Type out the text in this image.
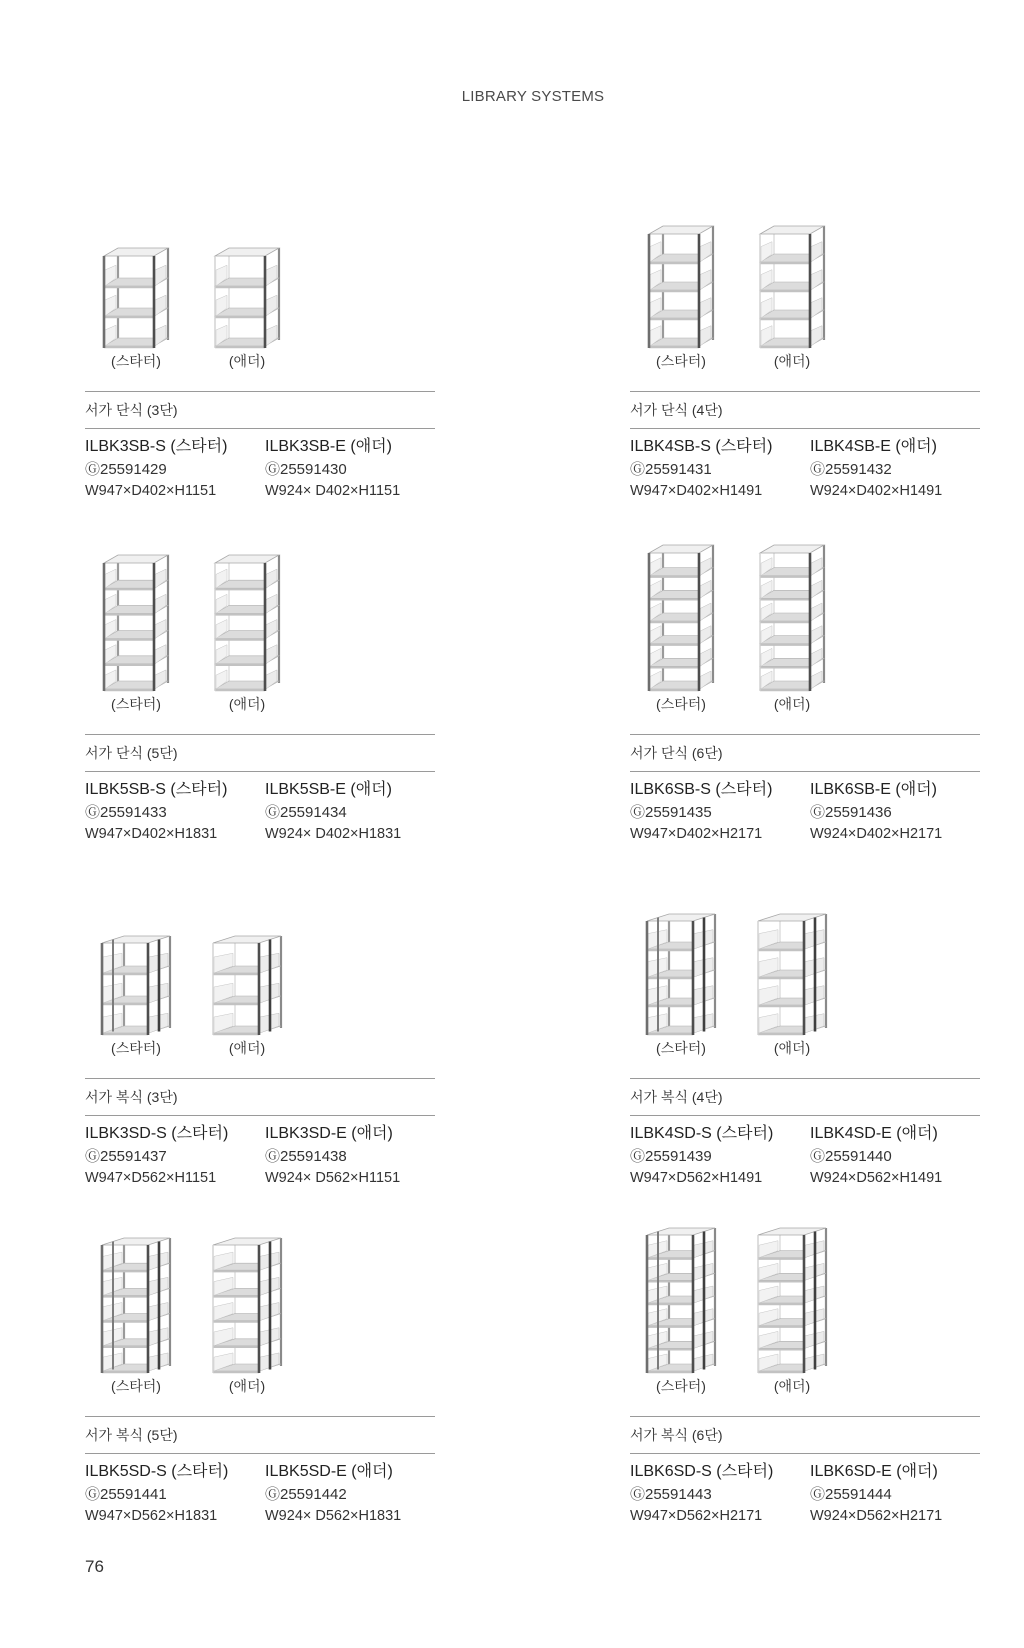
LIBRARY SYSTEMS
(스타터)	(애더)
서가 단식 (3단)
ILBK3SB-S (스타터)
Ⓖ25591429
W947×D402×H1151
ILBK3SB-E (애더)
Ⓖ25591430
W924× D402×H1151
(스타터)	(애더)
서가 단식 (4단)
ILBK4SB-S (스타터)
Ⓖ25591431
W947×D402×H1491
ILBK4SB-E (애더)
Ⓖ25591432
W924×D402×H1491
(스타터)	(애더)
서가 단식 (5단)
ILBK5SB-S (스타터)
Ⓖ25591433
W947×D402×H1831
ILBK5SB-E (애더)
Ⓖ25591434
W924× D402×H1831
(스타터)	(애더)
서가 단식 (6단)
ILBK6SB-S (스타터)
Ⓖ25591435
W947×D402×H2171
ILBK6SB-E (애더)
Ⓖ25591436
W924×D402×H2171
(스타터)	(애더)
서가 복식 (3단)
ILBK3SD-S (스타터)
Ⓖ25591437
W947×D562×H1151
ILBK3SD-E (애더)
Ⓖ25591438
W924× D562×H1151
(스타터)	(애더)
서가 복식 (4단)
ILBK4SD-S (스타터)
Ⓖ25591439
W947×D562×H1491
ILBK4SD-E (애더)
Ⓖ25591440
W924×D562×H1491
(스타터)	(애더)
서가 복식 (5단)
ILBK5SD-S (스타터)
Ⓖ25591441
W947×D562×H1831
ILBK5SD-E (애더)
Ⓖ25591442
W924× D562×H1831
(스타터)	(애더)
서가 복식 (6단)
ILBK6SD-S (스타터)
Ⓖ25591443
W947×D562×H2171
ILBK6SD-E (애더)
Ⓖ25591444
W924×D562×H2171
76
